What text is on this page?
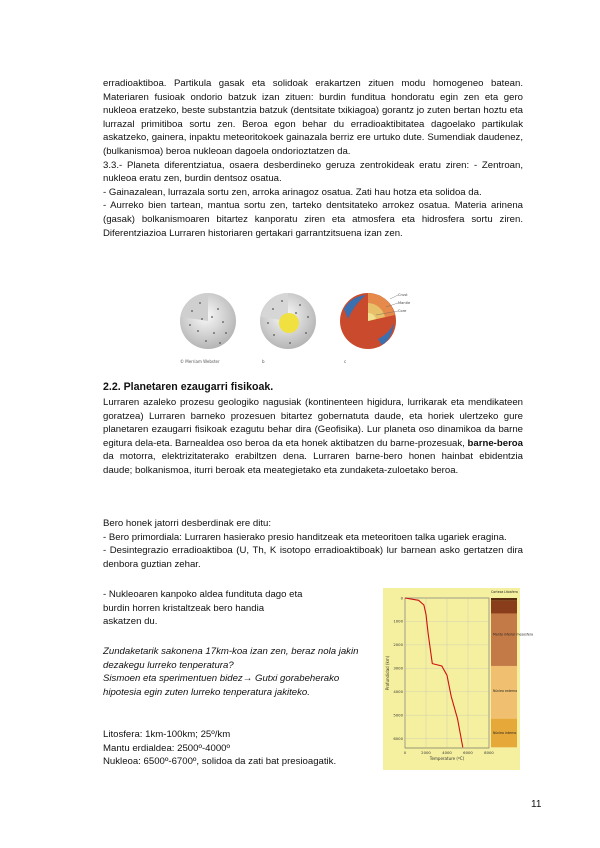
erradioaktiboa. Partikula gasak eta solidoak erakartzen zituen modu homogeneo batean. Materiaren fusioak ondorio batzuk izan zituen: burdin funditua hondoratu egin zen eta gero nukleoa eratzeko, beste substantzia batzuk (dentsitate txikiagoa) gorantz jo zuten bertan hoztu eta lurrazal primitiboa sortu zen. Beroa egon behar du erradioaktibitatea dagoelako partikulak askatzeko, gainera, inpaktu meteoritokoek gainazala berriz ere urtuko dute. Sumendiak daudenez, (bulkanismoa) beroa nukleoan dagoela ondorioztatzen da.

3.3.- Planeta diferentziatua, osaera desberdineko geruza zentrokideak eratu ziren: - Zentroan, nukleoa eratu zen, burdin dentsoz osatua.

- Gainazalean, lurrazala sortu zen, arroka arinagoz osatua. Zati hau hotza eta solidoa da.

- Aurreko bien tartean, mantua sortu zen, tarteko dentsitateko arrokez osatua. Materia arinena (gasak) bolkanismoaren bitartez kanporatu ziren eta atmosfera eta hidrosfera sortu ziren. Diferentziazioa Lurraren historiaren gertakari garrantzitsuena izan zen.

© Merriam Webster	b
Crust
Mantle
Core
c
2.2. Planetaren ezaugarri fisikoak.
Lurraren azaleko prozesu geologiko nagusiak (kontinenteen higidura, lurrikarak eta mendikateen goratzea) Lurraren barneko prozesuen bitartez gobernatuta daude, eta horiek ulertzeko gure planetaren ezaugarri fisikoak ezagutu behar dira (Geofisika). Lur planeta oso dinamikoa da barne egitura dela-eta. Barnealdea oso beroa da eta honek aktibatzen du barne-prozesuak, barne-beroa da motorra, elektrizitaterako erabiltzen dena. Lurraren barne-bero honen hainbat ebidentzia daude; bolkanismoa, iturri beroak eta meategietako eta zundaketa-zuloetako beroa.

Bero honek jatorri desberdinak ere ditu:

- Bero primordiala: Lurraren hasierako presio handitzeak eta meteoritoen talka ugariek eragina.

- Desintegrazio erradioaktiboa (U, Th, K isotopo erradioaktiboak) lur barnean asko gertatzen dira denbora guztian zehar.

- Nukleoaren kanpoko aldea fundituta dago eta burdin horren kristaltzeak bero handia askatzen du.

Zundaketarik sakonena 17km-koa izan zen, beraz nola jakin dezakegu lurreko tenperatura?

Sismoen eta sperimentuen bidez→ Gutxi gorabeherako hipotesia egin zuten lurreko tenperatura jakiteko.

Litosfera: 1km-100km; 25º/km

Mantu erdialdea: 2500º-4000º

Nukleoa: 6500º-6700º, solidoa da zati bat presioagatik.

Corteza Litosfera
Manto inferior mesosfera
Núcleo externo
Núcleo interno
0	2000	4000	6000	8000
0
1000
2000
3000
4000
5000
6000
Temperature (ºC)
Profundidad (km)
11
